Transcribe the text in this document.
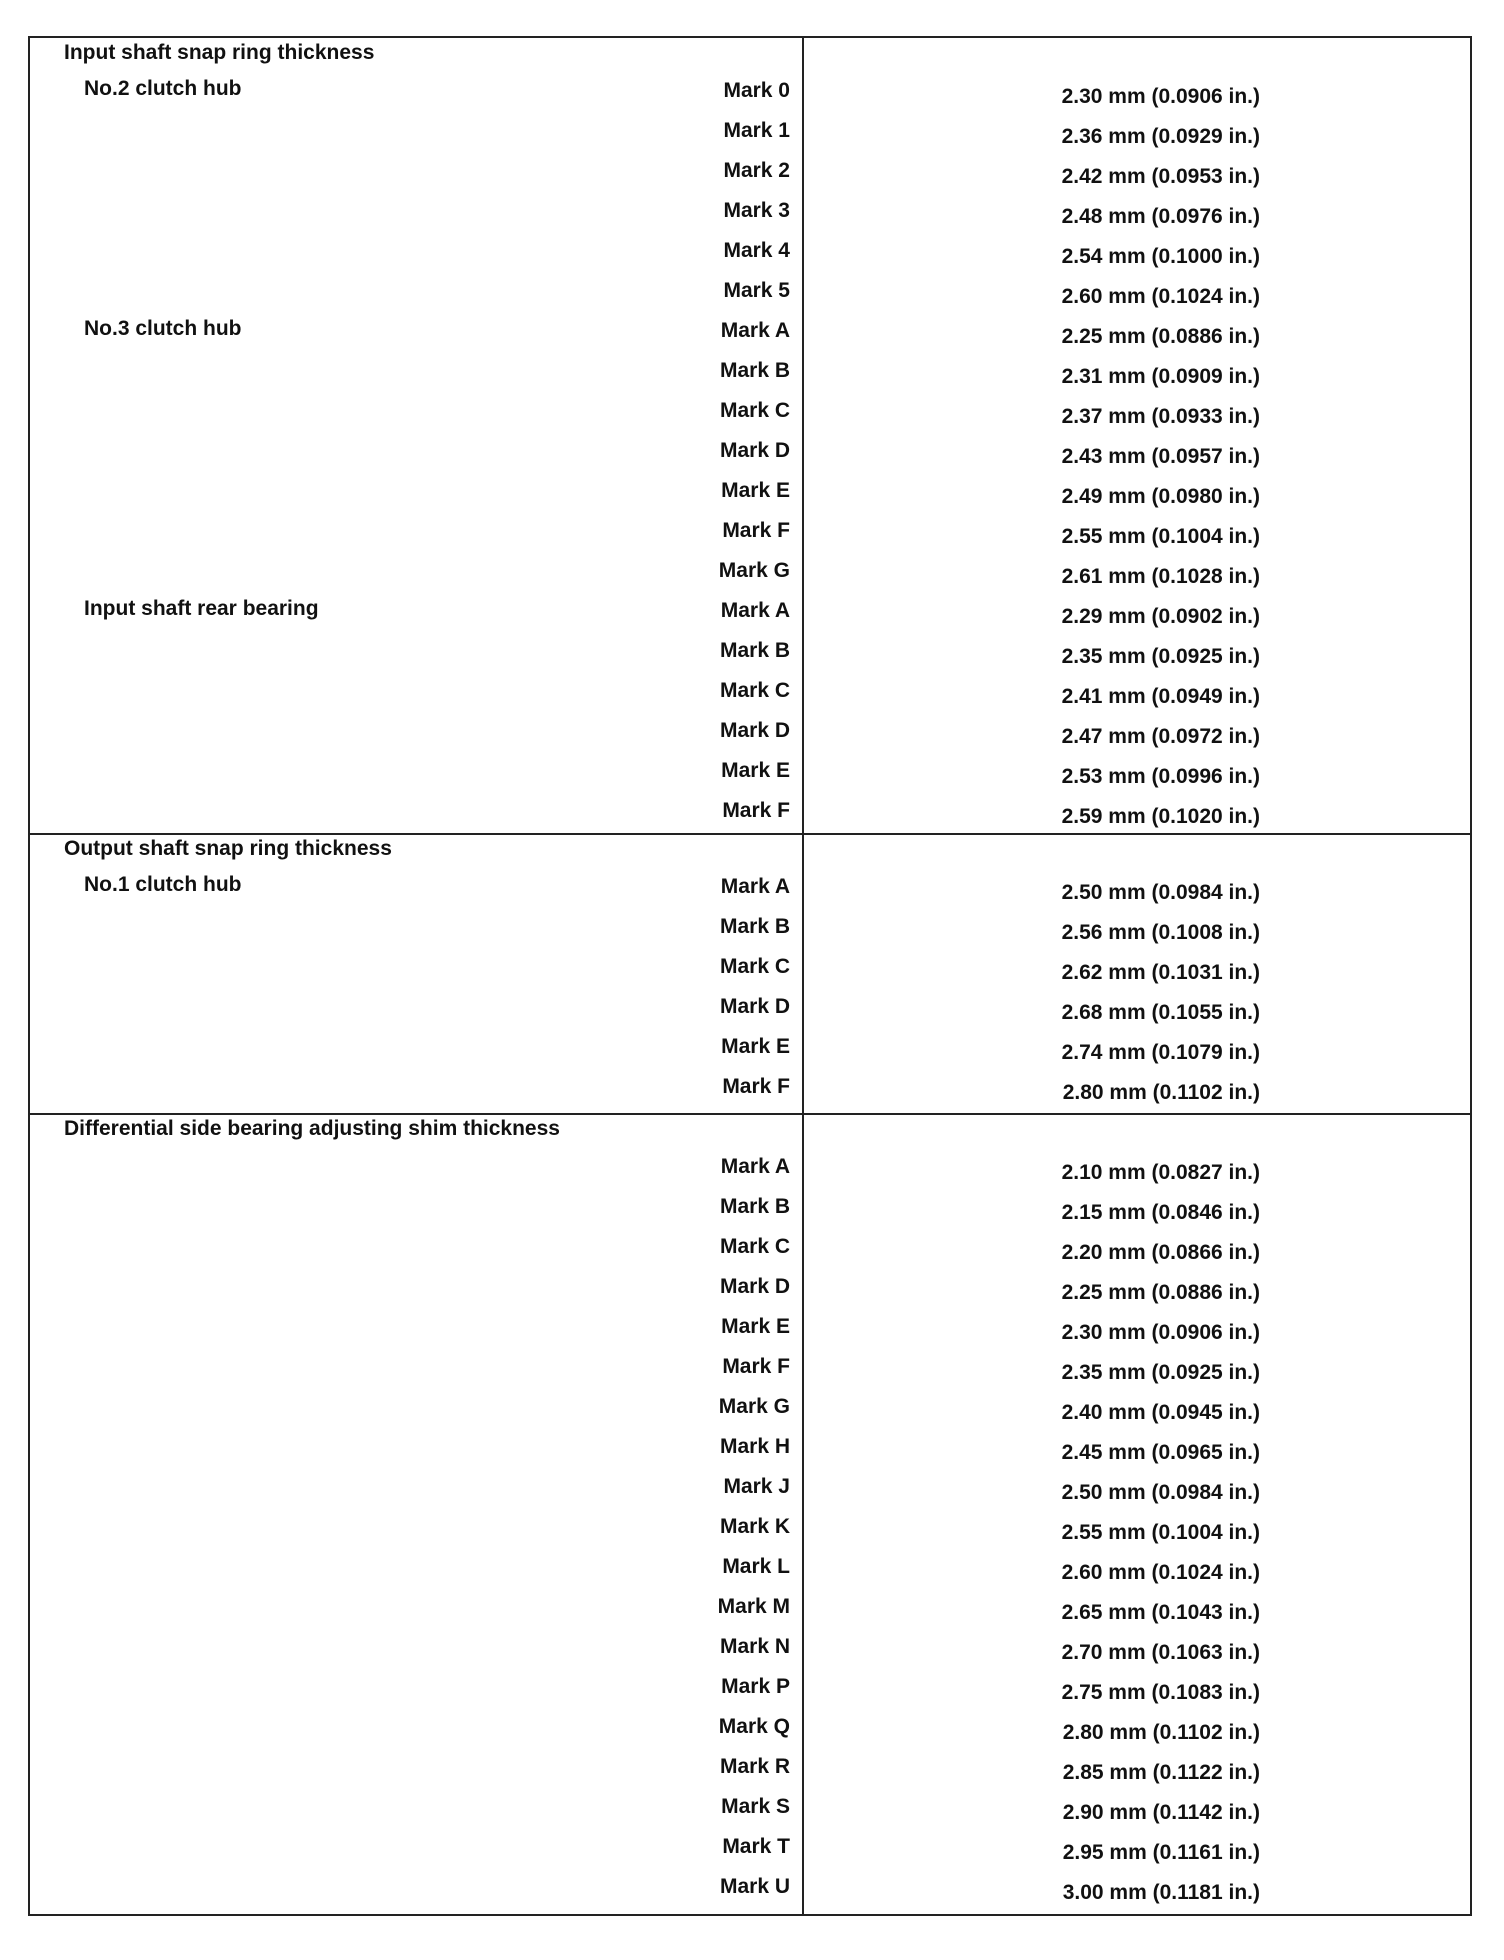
Input shaft snap ring thickness
No.2 clutch hub	Mark 0	2.30 mm (0.0906 in.)
Mark 1	2.36 mm (0.0929 in.)
Mark 2	2.42 mm (0.0953 in.)
Mark 3	2.48 mm (0.0976 in.)
Mark 4	2.54 mm (0.1000 in.)
Mark 5	2.60 mm (0.1024 in.)
No.3 clutch hub	Mark A	2.25 mm (0.0886 in.)
Mark B	2.31 mm (0.0909 in.)
Mark C	2.37 mm (0.0933 in.)
Mark D	2.43 mm (0.0957 in.)
Mark E	2.49 mm (0.0980 in.)
Mark F	2.55 mm (0.1004 in.)
Mark G	2.61 mm (0.1028 in.)
Input shaft rear bearing	Mark A	2.29 mm (0.0902 in.)
Mark B	2.35 mm (0.0925 in.)
Mark C	2.41 mm (0.0949 in.)
Mark D	2.47 mm (0.0972 in.)
Mark E	2.53 mm (0.0996 in.)
Mark F	2.59 mm (0.1020 in.)
Output shaft snap ring thickness
No.1 clutch hub	Mark A	2.50 mm (0.0984 in.)
Mark B	2.56 mm (0.1008 in.)
Mark C	2.62 mm (0.1031 in.)
Mark D	2.68 mm (0.1055 in.)
Mark E	2.74 mm (0.1079 in.)
Mark F	2.80 mm (0.1102 in.)
Differential side bearing adjusting shim thickness
Mark A	2.10 mm (0.0827 in.)
Mark B	2.15 mm (0.0846 in.)
Mark C	2.20 mm (0.0866 in.)
Mark D	2.25 mm (0.0886 in.)
Mark E	2.30 mm (0.0906 in.)
Mark F	2.35 mm (0.0925 in.)
Mark G	2.40 mm (0.0945 in.)
Mark H	2.45 mm (0.0965 in.)
Mark J	2.50 mm (0.0984 in.)
Mark K	2.55 mm (0.1004 in.)
Mark L	2.60 mm (0.1024 in.)
Mark M	2.65 mm (0.1043 in.)
Mark N	2.70 mm (0.1063 in.)
Mark P	2.75 mm (0.1083 in.)
Mark Q	2.80 mm (0.1102 in.)
Mark R	2.85 mm (0.1122 in.)
Mark S	2.90 mm (0.1142 in.)
Mark T	2.95 mm (0.1161 in.)
Mark U	3.00 mm (0.1181 in.)
